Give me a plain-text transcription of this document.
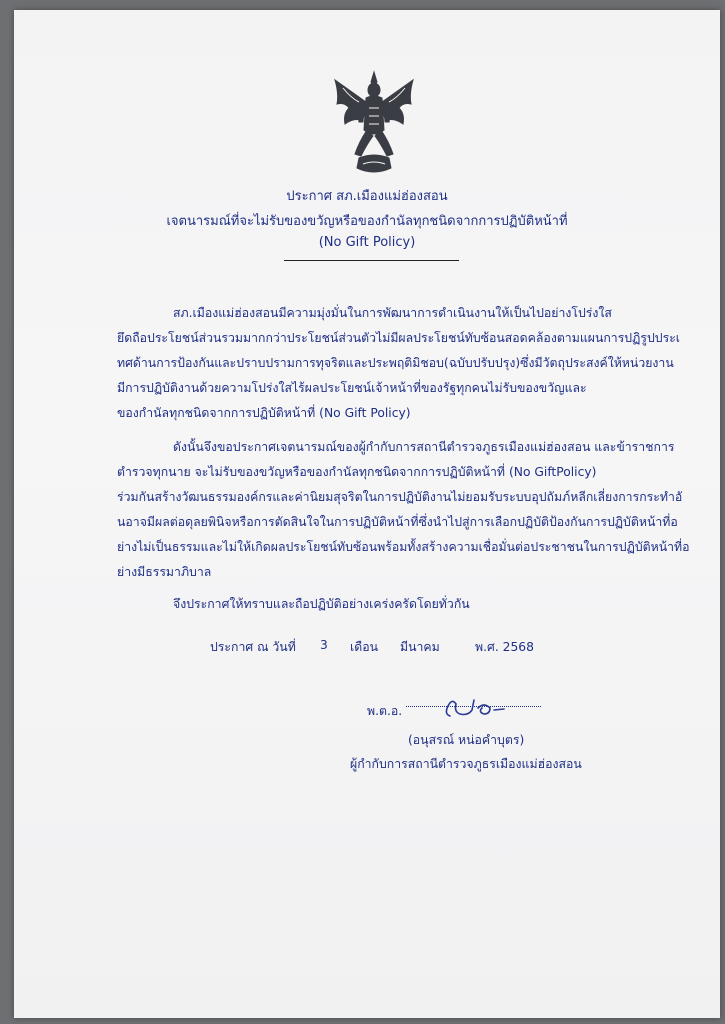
ประกาศ สภ.เมืองแม่ฮ่องสอน
เจตนารมณ์ที่จะไม่รับของขวัญหรือของกำนัลทุกชนิดจากการปฏิบัติหน้าที่
(No Gift Policy)
สภ.เมืองแม่ฮ่องสอนมีความมุ่งมั่นในการพัฒนาการดำเนินงานให้เป็นไปอย่างโปร่งใส
ยึดถือประโยชน์ส่วนรวมมากกว่าประโยชน์ส่วนตัวไม่มีผลประโยชน์ทับซ้อนสอดคล้องตามแผนการปฏิรูปประเ
ทศด้านการป้องกันและปราบปรามการทุจริตและประพฤติมิชอบ(ฉบับปรับปรุง)ซึ่งมีวัตถุประสงค์ให้หน่วยงาน
มีการปฏิบัติงานด้วยความโปร่งใสไร้ผลประโยชน์เจ้าหน้าที่ของรัฐทุกคนไม่รับของขวัญและ
ของกำนัลทุกชนิดจากการปฏิบัติหน้าที่ (No Gift Policy)
ดังนั้นจึงขอประกาศเจตนารมณ์ของผู้กำกับการสถานีตำรวจภูธรเมืองแม่ฮ่องสอน และข้าราชการ
ตำรวจทุกนาย จะไม่รับของขวัญหรือของกำนัลทุกชนิดจากการปฏิบัติหน้าที่ (No GiftPolicy)
ร่วมกันสร้างวัฒนธรรมองค์กรและค่านิยมสุจริตในการปฏิบัติงานไม่ยอมรับระบบอุปถัมภ์หลีกเลี่ยงการกระทำอั
นอาจมีผลต่อดุลยพินิจหรือการตัดสินใจในการปฏิบัติหน้าที่ซึ่งนำไปสู่การเลือกปฏิบัติป้องกันการปฏิบัติหน้าที่อ
ย่างไม่เป็นธรรมและไม่ให้เกิดผลประโยชน์ทับซ้อนพร้อมทั้งสร้างความเชื่อมั่นต่อประชาชนในการปฏิบัติหน้าที่อ
ย่างมีธรรมาภิบาล
จึงประกาศให้ทราบและถือปฏิบัติอย่างเคร่งครัดโดยทั่วกัน
ประกาศ ณ วันที่ 3 เดือน มีนาคม	พ.ศ. 2568
พ.ต.อ.
(อนุสรณ์ หน่อคำบุตร)
ผู้กำกับการสถานีตำรวจภูธรเมืองแม่ฮ่องสอน
